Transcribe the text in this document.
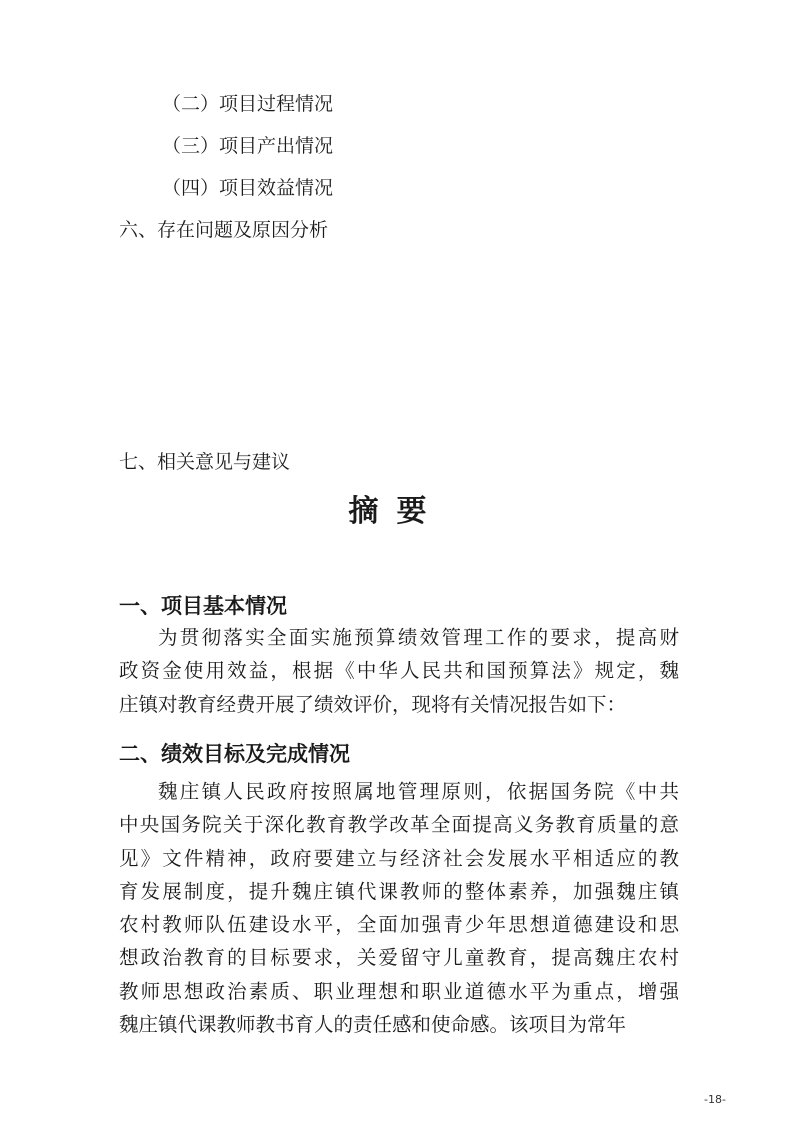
（二）项目过程情况
（三）项目产出情况
（四）项目效益情况
六、存在问题及原因分析
七、相关意见与建议
摘要
一、项目基本情况
为贯彻落实全面实施预算绩效管理工作的要求，提高财
政资金使用效益，根据《中华人民共和国预算法》规定，魏
庄镇对教育经费开展了绩效评价，现将有关情况报告如下：
二、绩效目标及完成情况
魏庄镇人民政府按照属地管理原则，依据国务院《中共
中央国务院关于深化教育教学改革全面提高义务教育质量的意
见》文件精神，政府要建立与经济社会发展水平相适应的教
育发展制度，提升魏庄镇代课教师的整体素养，加强魏庄镇
农村教师队伍建设水平，全面加强青少年思想道德建设和思
想政治教育的目标要求，关爱留守儿童教育，提高魏庄农村
教师思想政治素质、职业理想和职业道德水平为重点，增强
魏庄镇代课教师教书育人的责任感和使命感。该项目为常年
-18-
